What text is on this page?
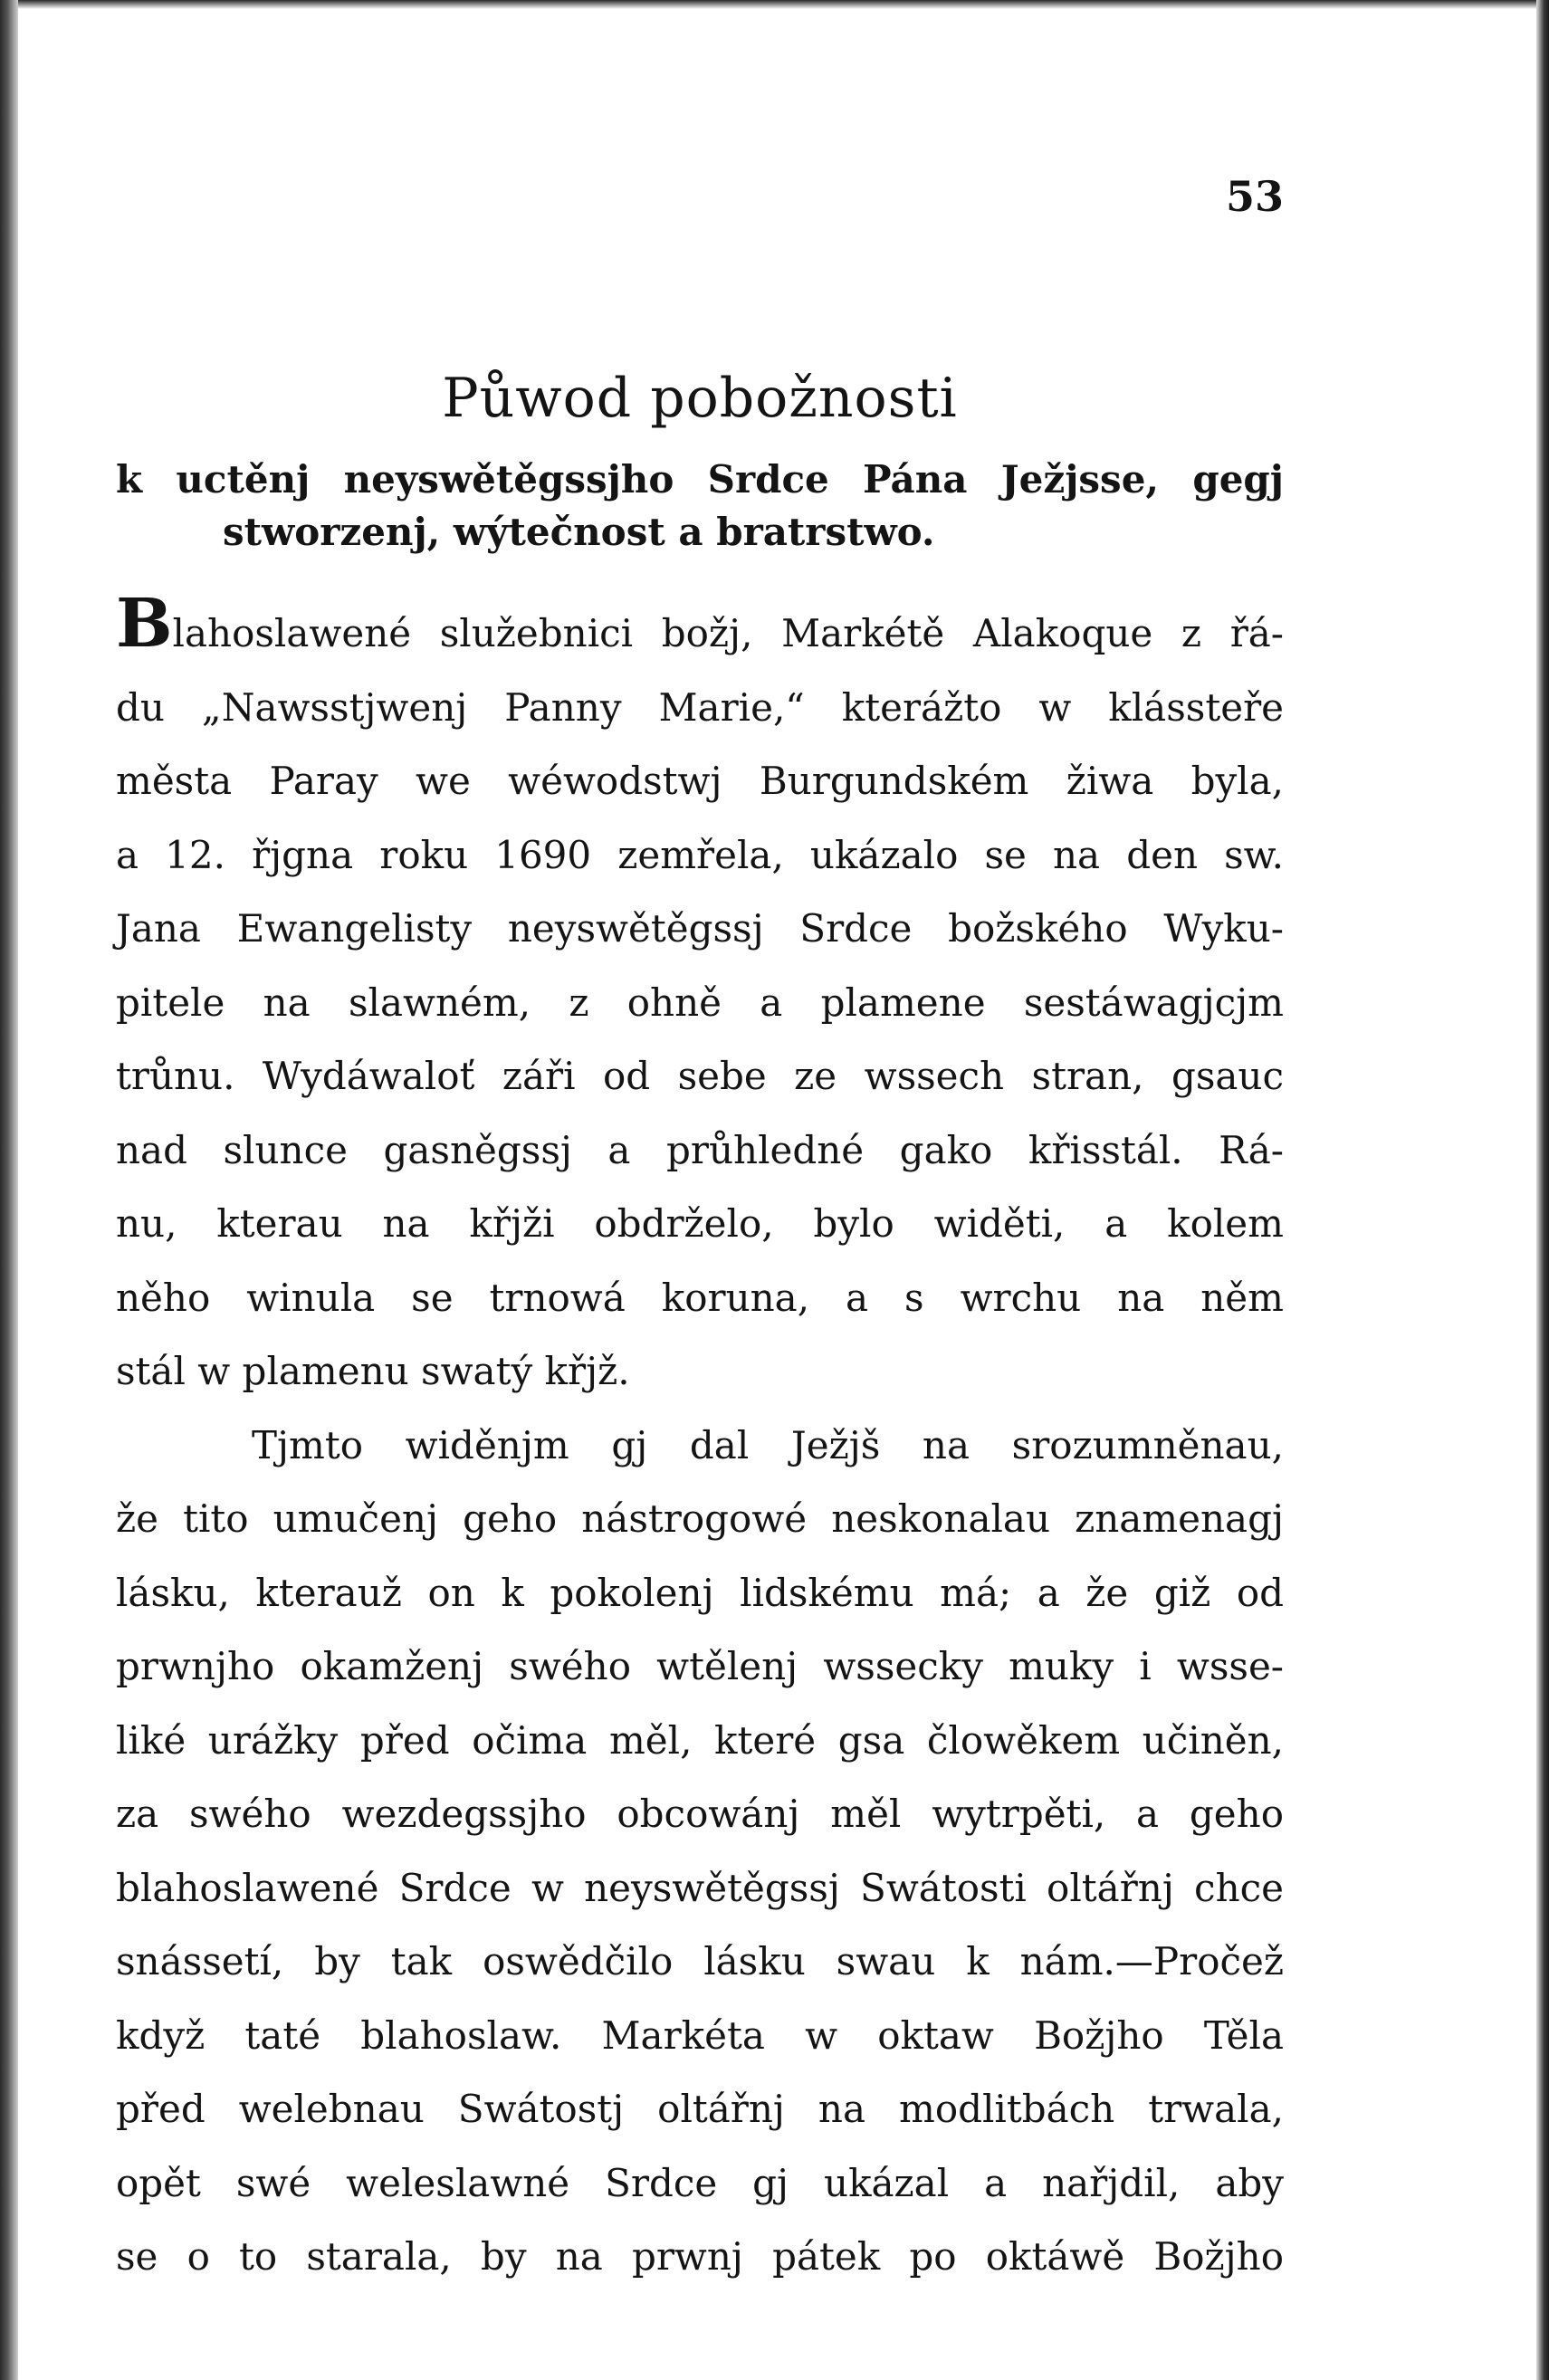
53
Půwod pobožnosti
k uctěnj neyswětěgssjho Srdce Pána Ježjsse, gegj
stworzenj, wýtečnost a bratrstwo.
Blahoslawené služebnici božj, Markétě Alakoque z řá-
du „Nawsstjwenj Panny Marie,“ kterážto w klássteře
města Paray we wéwodstwj Burgundském žiwa byla,
a 12. řjgna roku 1690 zemřela, ukázalo se na den sw.
Jana Ewangelisty neyswětěgssj Srdce božského Wyku-
pitele na slawném, z ohně a plamene sestáwagjcjm
trůnu. Wydáwaloť záři od sebe ze wssech stran, gsauc
nad slunce gasněgssj a průhledné gako křisstál. Rá-
nu, kterau na křjži obdrželo, bylo widěti, a kolem
něho winula se trnowá koruna, a s wrchu na něm
stál w plamenu swatý křjž.
Tjmto widěnjm gj dal Ježjš na srozumněnau,
že tito umučenj geho nástrogowé neskonalau znamenagj
lásku, kterauž on k pokolenj lidskému má; a že giž od
prwnjho okamženj swého wtělenj wssecky muky i wsse-
liké urážky před očima měl, které gsa člowěkem učiněn,
za swého wezdegssjho obcowánj měl wytrpěti, a geho
blahoslawené Srdce w neyswětěgssj Swátosti oltářnj chce
snássetí, by tak oswědčilo lásku swau k nám.—Pročež
když taté blahoslaw. Markéta w oktaw Božjho Těla
před welebnau Swátostj oltářnj na modlitbách trwala,
opět swé weleslawné Srdce gj ukázal a nařjdil, aby
se o to starala, by na prwnj pátek po oktáwě Božjho
